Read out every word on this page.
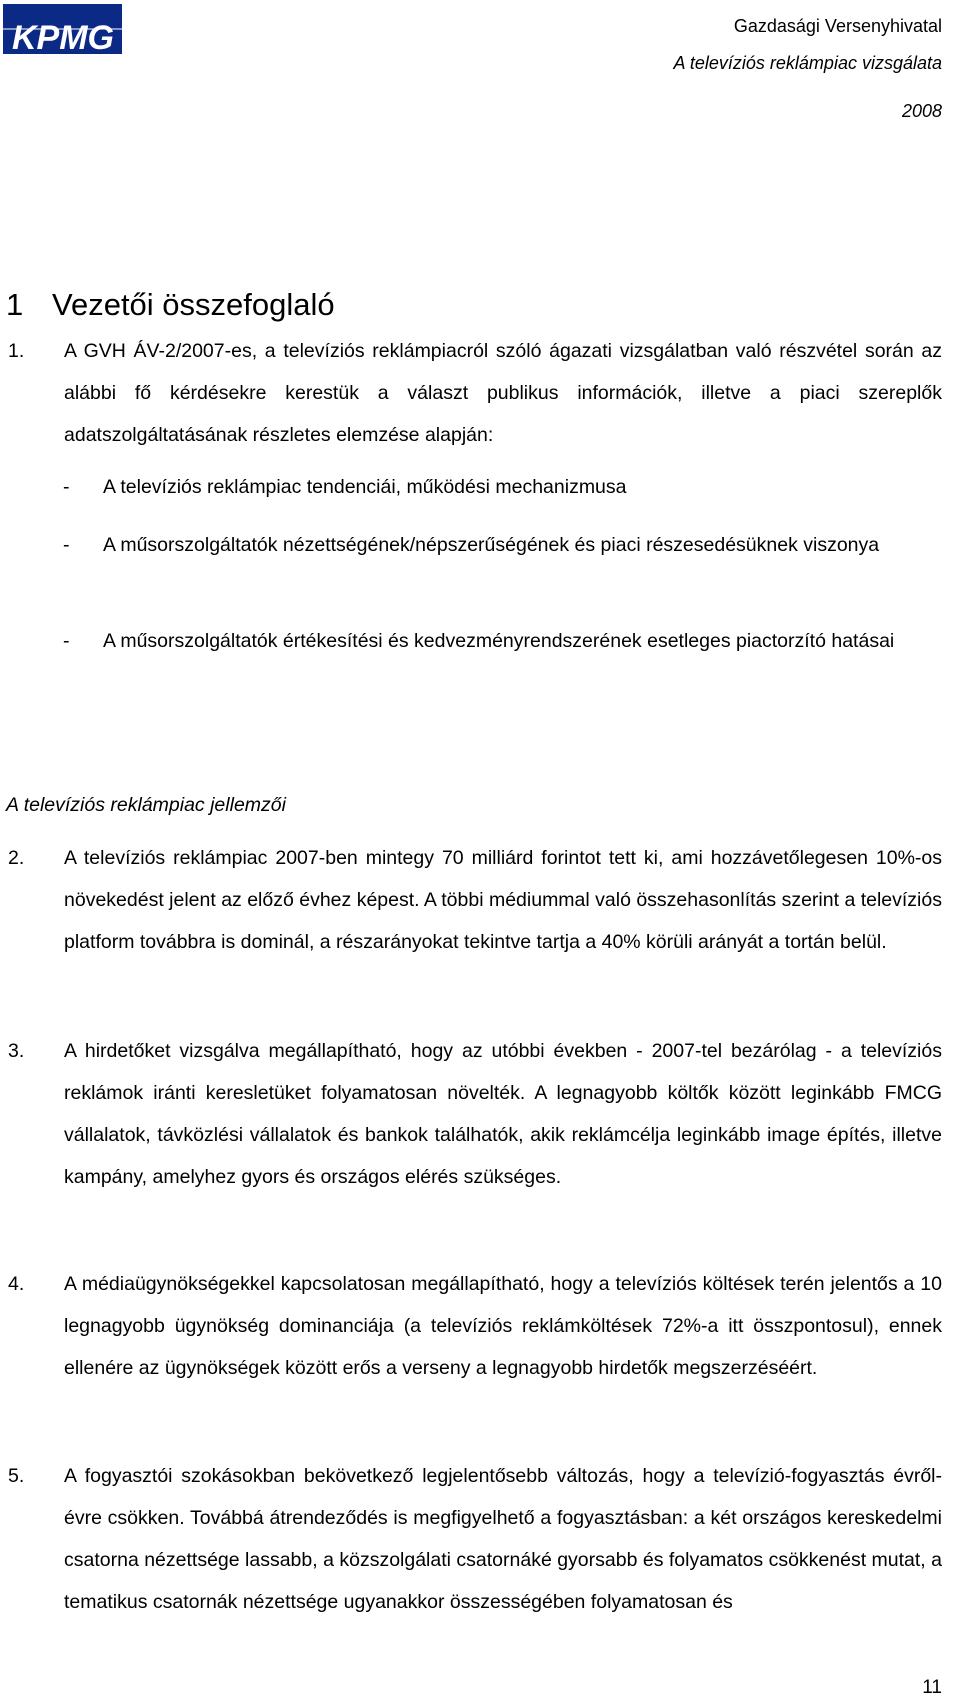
KPMG	Gazdasági Versenyhivatal
A televíziós reklámpiac vizsgálata
2008
1 Vezetői összefoglaló
1. A GVH ÁV-2/2007-es, a televíziós reklámpiacról szóló ágazati vizsgálatban való részvétel során az alábbi fő kérdésekre kerestük a választ publikus információk, illetve a piaci szereplők adatszolgáltatásának részletes elemzése alapján:
- A televíziós reklámpiac tendenciái, működési mechanizmusa
- A műsorszolgáltatók nézettségének/népszerűségének és piaci részesedésüknek viszonya
- A műsorszolgáltatók értékesítési és kedvezményrendszerének esetleges piactorzító hatásai
A televíziós reklámpiac jellemzői
2. A televíziós reklámpiac 2007-ben mintegy 70 milliárd forintot tett ki, ami hozzávetőlegesen 10%-os növekedést jelent az előző évhez képest. A többi médiummal való összehasonlítás szerint a televíziós platform továbbra is dominál, a részarányokat tekintve tartja a 40% körüli arányát a tortán belül.
3. A hirdetőket vizsgálva megállapítható, hogy az utóbbi években - 2007-tel bezárólag - a televíziós reklámok iránti keresletüket folyamatosan növelték. A legnagyobb költők között leginkább FMCG vállalatok, távközlési vállalatok és bankok találhatók, akik reklámcélja leginkább image építés, illetve kampány, amelyhez gyors és országos elérés szükséges.
4. A médiaügynökségekkel kapcsolatosan megállapítható, hogy a televíziós költések terén jelentős a 10 legnagyobb ügynökség dominanciája (a televíziós reklámköltések 72%-a itt összpontosul), ennek ellenére az ügynökségek között erős a verseny a legnagyobb hirdetők megszerzéséért.
5. A fogyasztói szokásokban bekövetkező legjelentősebb változás, hogy a televízió-fogyasztás évről-évre csökken. Továbbá átrendeződés is megfigyelhető a fogyasztásban: a két országos kereskedelmi csatorna nézettsége lassabb, a közszolgálati csatornáké gyorsabb és folyamatos csökkenést mutat, a tematikus csatornák nézettsége ugyanakkor összességében folyamatosan és
11
